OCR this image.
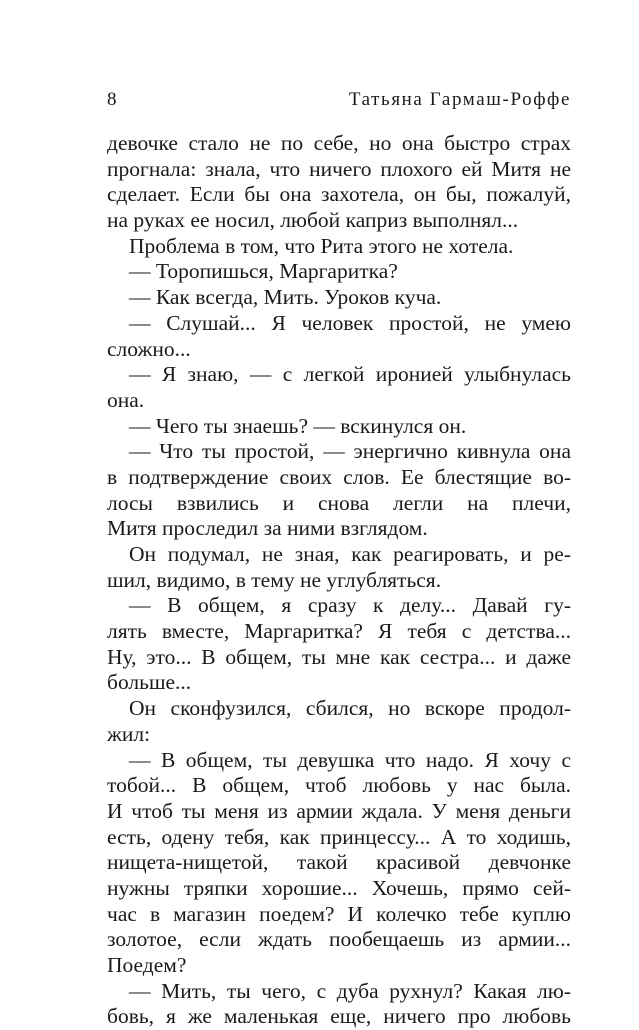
8	Татьяна Гармаш-Роффе
девочке стало не по себе, но она быстро страх
прогнала: знала, что ничего плохого ей Митя не
сделает. Если бы она захотела, он бы, пожалуй,
на руках ее носил, любой каприз выполнял...
Проблема в том, что Рита этого не хотела.
— Торопишься, Маргаритка?
— Как всегда, Мить. Уроков куча.
— Слушай... Я человек простой, не умею
сложно...
— Я знаю, — с легкой иронией улыбнулась
она.
— Чего ты знаешь? — вскинулся он.
— Что ты простой, — энергично кивнула она
в подтверждение своих слов. Ее блестящие во-
лосы взвились и снова легли на плечи,
Митя проследил за ними взглядом.
Он подумал, не зная, как реагировать, и ре-
шил, видимо, в тему не углубляться.
— В общем, я сразу к делу... Давай гу-
лять вместе, Маргаритка? Я тебя с детства...
Ну, это... В общем, ты мне как сестра... и даже
больше...
Он сконфузился, сбился, но вскоре продол-
жил:
— В общем, ты девушка что надо. Я хочу с
тобой... В общем, чтоб любовь у нас была.
И чтоб ты меня из армии ждала. У меня деньги
есть, одену тебя, как принцессу... А то ходишь,
нищета-нищетой, такой красивой девчонке
нужны тряпки хорошие... Хочешь, прямо сей-
час в магазин поедем? И колечко тебе куплю
золотое, если ждать пообещаешь из армии...
Поедем?
— Мить, ты чего, с дуба рухнул? Какая лю-
бовь, я же маленькая еще, ничего про любовь
